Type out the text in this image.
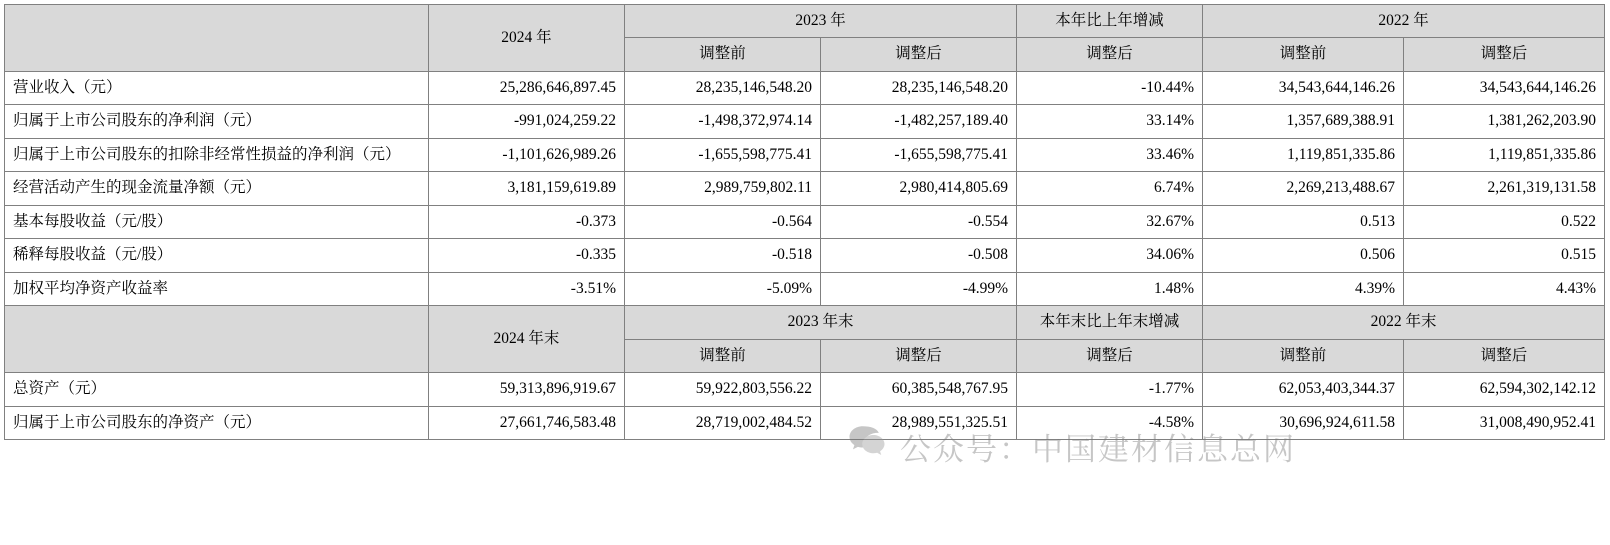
	2024 年	2023 年		本年比上年增减	2022 年	
		调整前	调整后	调整后	调整前	调整后
营业收入（元）	25,286,646,897.45	28,235,146,548.20	28,235,146,548.20	-10.44%	34,543,644,146.26	34,543,644,146.26
归属于上市公司股东的净利润（元）	-991,024,259.22	-1,498,372,974.14	-1,482,257,189.40	33.14%	1,357,689,388.91	1,381,262,203.90
归属于上市公司股东的扣除非经常性损益的净利润（元）	-1,101,626,989.26	-1,655,598,775.41	-1,655,598,775.41	33.46%	1,119,851,335.86	1,119,851,335.86
经营活动产生的现金流量净额（元）	3,181,159,619.89	2,989,759,802.11	2,980,414,805.69	6.74%	2,269,213,488.67	2,261,319,131.58
基本每股收益（元/股）	-0.373	-0.564	-0.554	32.67%	0.513	0.522
稀释每股收益（元/股）	-0.335	-0.518	-0.508	34.06%	0.506	0.515
加权平均净资产收益率	-3.51%	-5.09%	-4.99%	1.48%	4.39%	4.43%
	2024 年末	2023 年末		本年末比上年末增减	2022 年末	
		调整前	调整后	调整后	调整前	调整后
总资产（元）	59,313,896,919.67	59,922,803,556.22	60,385,548,767.95	-1.77%	62,053,403,344.37	62,594,302,142.12
归属于上市公司股东的净资产（元）	27,661,746,583.48	28,719,002,484.52	28,989,551,325.51	-4.58%	30,696,924,611.58	31,008,490,952.41
公众号：中国建材信息总网
